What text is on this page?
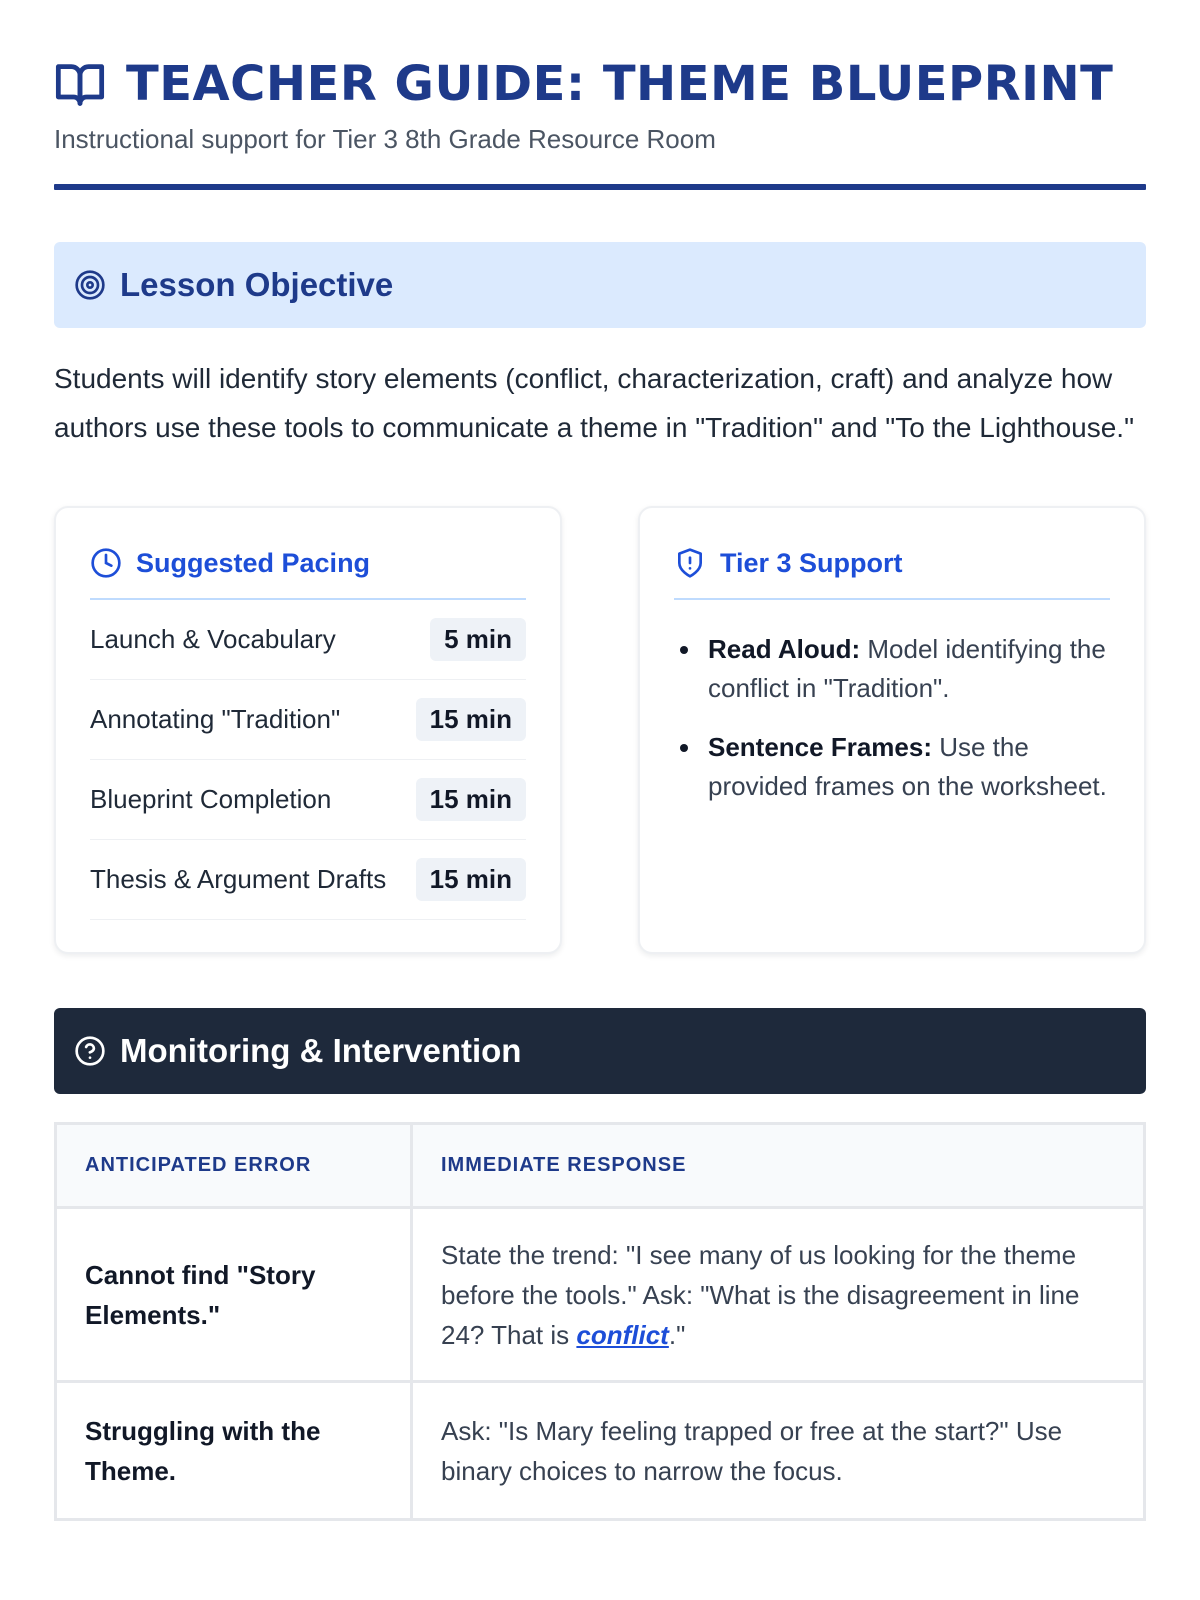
TEACHER GUIDE: THEME BLUEPRINT
Instructional support for Tier 3 8th Grade Resource Room
Lesson Objective

Students will identify story elements (conflict, characterization, craft) and analyze how authors use these tools to communicate a theme in "Tradition" and "To the Lighthouse."

Suggested Pacing
Launch & Vocabulary	5 min
Annotating "Tradition"	15 min
Blueprint Completion	15 min
Thesis & Argument Drafts	15 min
Tier 3 Support
Read Aloud: Model identifying the conflict in "Tradition".
Sentence Frames: Use the provided frames on the worksheet.
Monitoring & Intervention
ANTICIPATED ERROR	IMMEDIATE RESPONSE
Cannot find "Story Elements."	State the trend: "I see many of us looking for the theme before the tools." Ask: "What is the disagreement in line 24? That is conflict."
Struggling with the Theme.	Ask: "Is Mary feeling trapped or free at the start?" Use binary choices to narrow the focus.
